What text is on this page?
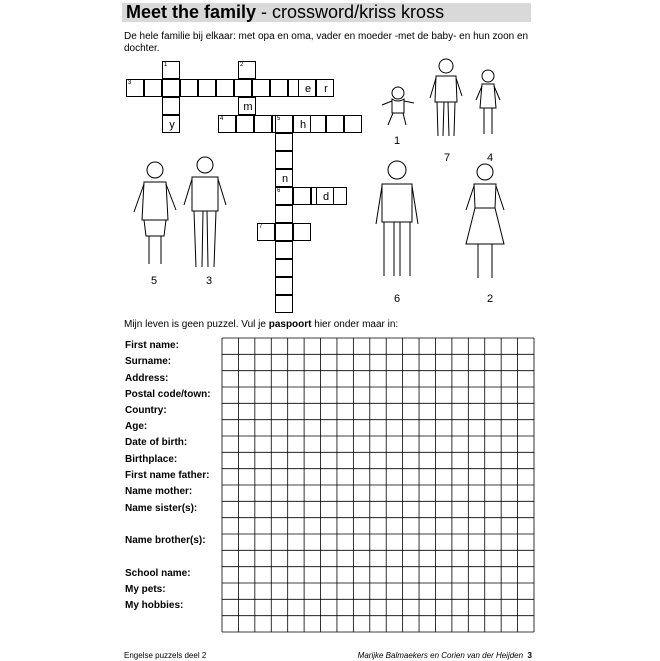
Meet the family - crossword/kriss kross
De hele familie bij elkaar: met opa en oma, vader en moeder -met de baby- en hun zoon en dochter.
1	2
3
4	5
6
7
e	r
m
y	h
n
d
1
7	4
5	3
6	2
Mijn leven is geen puzzel. Vul je paspoort hier onder maar in:
First name:
Surname:
Address:
Postal code/town:
Country:
Age:
Date of birth:
Birthplace:
First name father:
Name mother:
Name sister(s):
Name brother(s):
School name:
My pets:
My hobbies:
Engelse puzzels deel 2	Marijke Balmaekers en Corien van der Heijden 3
